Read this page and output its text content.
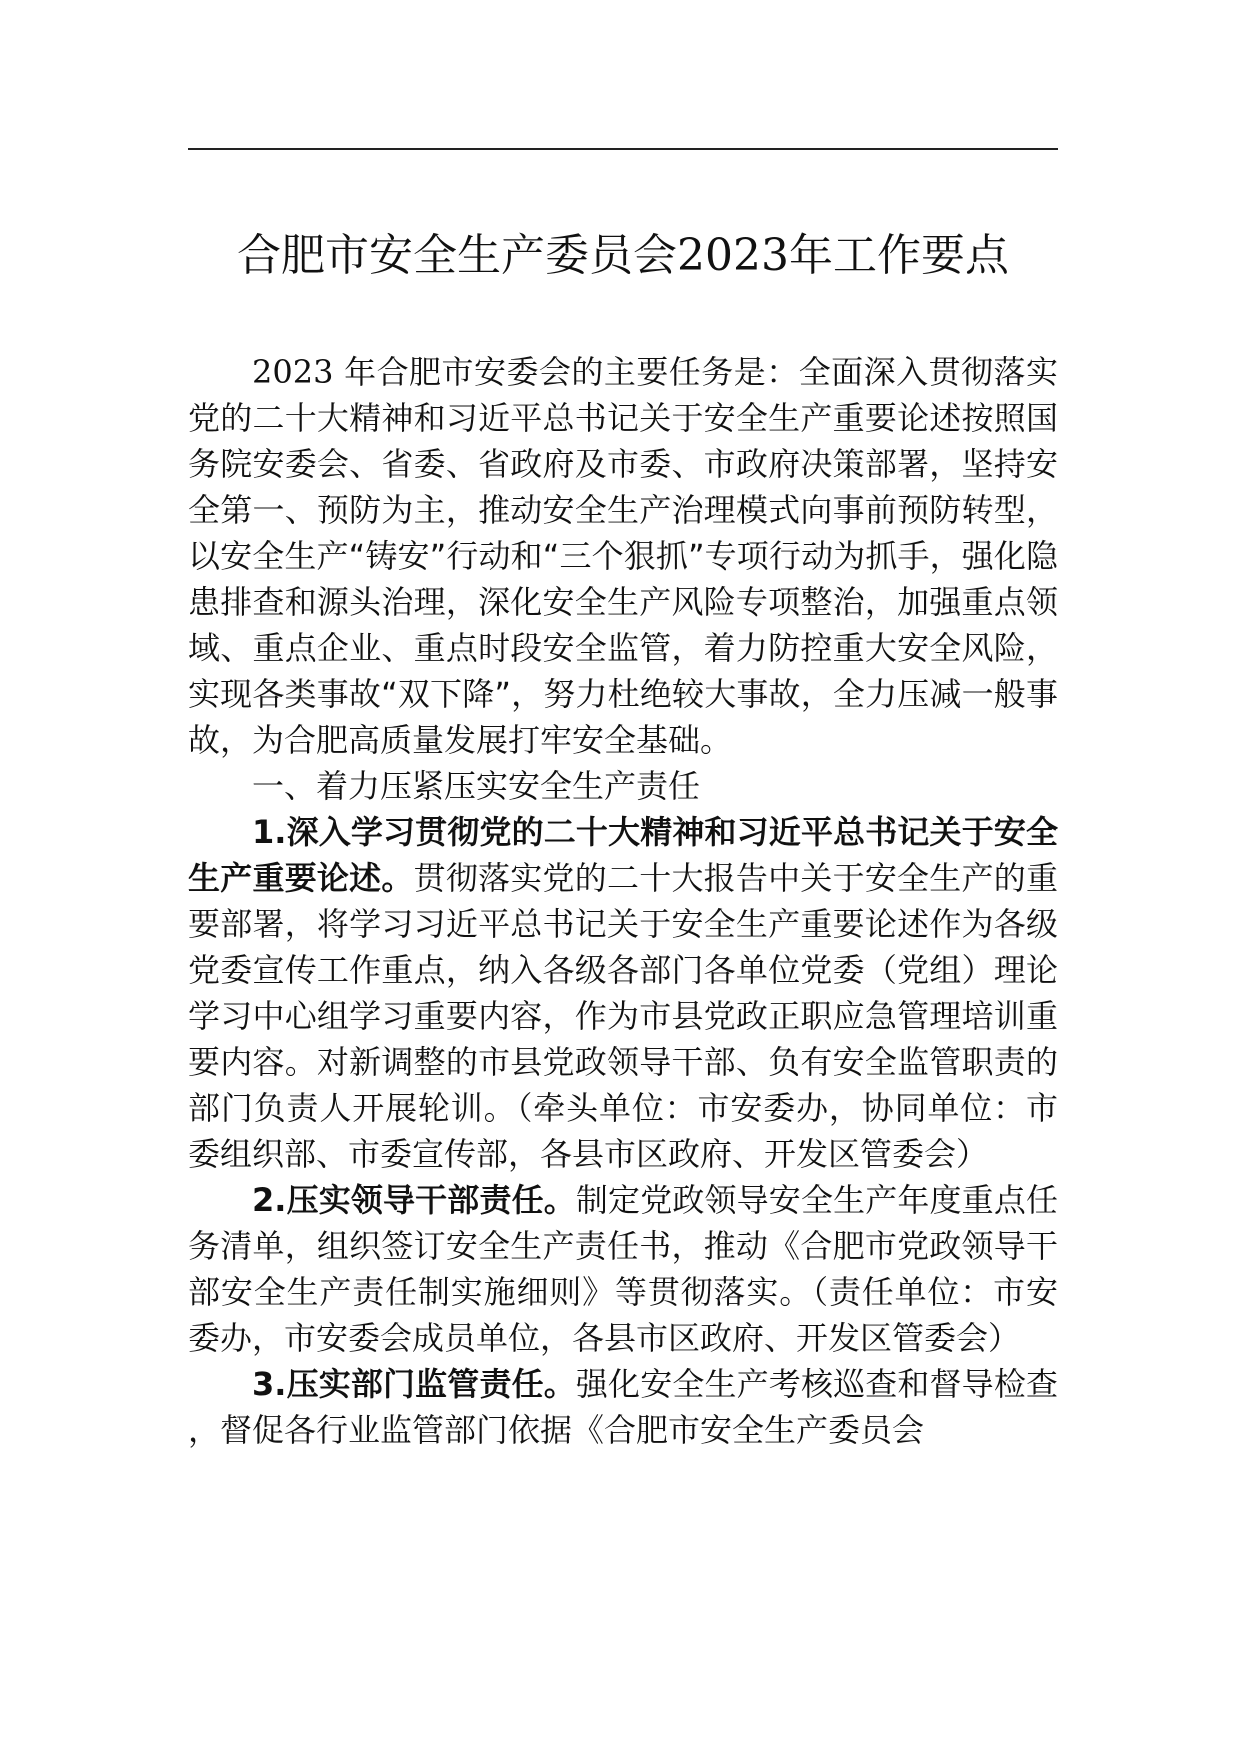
合肥市安全生产委员会2023年工作要点

2023 年合肥市安委会的主要任务是：全面深入贯彻落实党的二十大精神和习近平总书记关于安全生产重要论述按照国务院安委会、省委、省政府及市委、市政府决策部署，坚持安全第一、预防为主，推动安全生产治理模式向事前预防转型，以安全生产“铸安”行动和“三个狠抓”专项行动为抓手，强化隐患排查和源头治理，深化安全生产风险专项整治，加强重点领域、重点企业、重点时段安全监管，着力防控重大安全风险，实现各类事故“双下降”，努力杜绝较大事故，全力压减一般事故，为合肥高质量发展打牢安全基础。

一、着力压紧压实安全生产责任

1.深入学习贯彻党的二十大精神和习近平总书记关于安全生产重要论述。贯彻落实党的二十大报告中关于安全生产的重要部署，将学习习近平总书记关于安全生产重要论述作为各级党委宣传工作重点，纳入各级各部门各单位党委（党组）理论学习中心组学习重要内容，作为市县党政正职应急管理培训重要内容。对新调整的市县党政领导干部、负有安全监管职责的部门负责人开展轮训。（牵头单位：市安委办，协同单位：市委组织部、市委宣传部，各县市区政府、开发区管委会）

2.压实领导干部责任。制定党政领导安全生产年度重点任务清单，组织签订安全生产责任书，推动《合肥市党政领导干部安全生产责任制实施细则》等贯彻落实。（责任单位：市安委办，市安委会成员单位，各县市区政府、开发区管委会）

3.压实部门监管责任。强化安全生产考核巡查和督导检查，督促各行业监管部门依据《合肥市安全生产委员会
